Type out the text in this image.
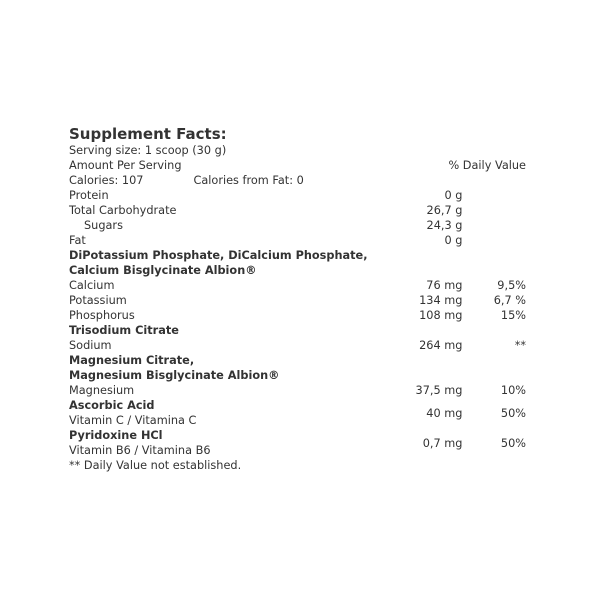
Supplement Facts:
Serving size: 1 scoop (30 g)		
Amount Per Serving	% Daily Value	
Calories: 107 Calories from Fat: 0		
Protein	0 g	
Total Carbohydrate	26,7 g	
Sugars	24,3 g	
Fat	0 g	
DiPotassium Phosphate, DiCalcium Phosphate,		
Calcium Bisglycinate Albion®		
Calcium	76 mg	9,5%
Potassium	134 mg	6,7 %
Phosphorus	108 mg	15%
Trisodium Citrate		
Sodium	264 mg	**
Magnesium Citrate,		
Magnesium Bisglycinate Albion®		
Magnesium	37,5 mg	10%

Ascorbic Acid
Vitamin C / Vitamina C	40 mg	50%

Pyridoxine HCl
Vitamin B6 / Vitamina B6	0,7 mg	50%
** Daily Value not established.		
